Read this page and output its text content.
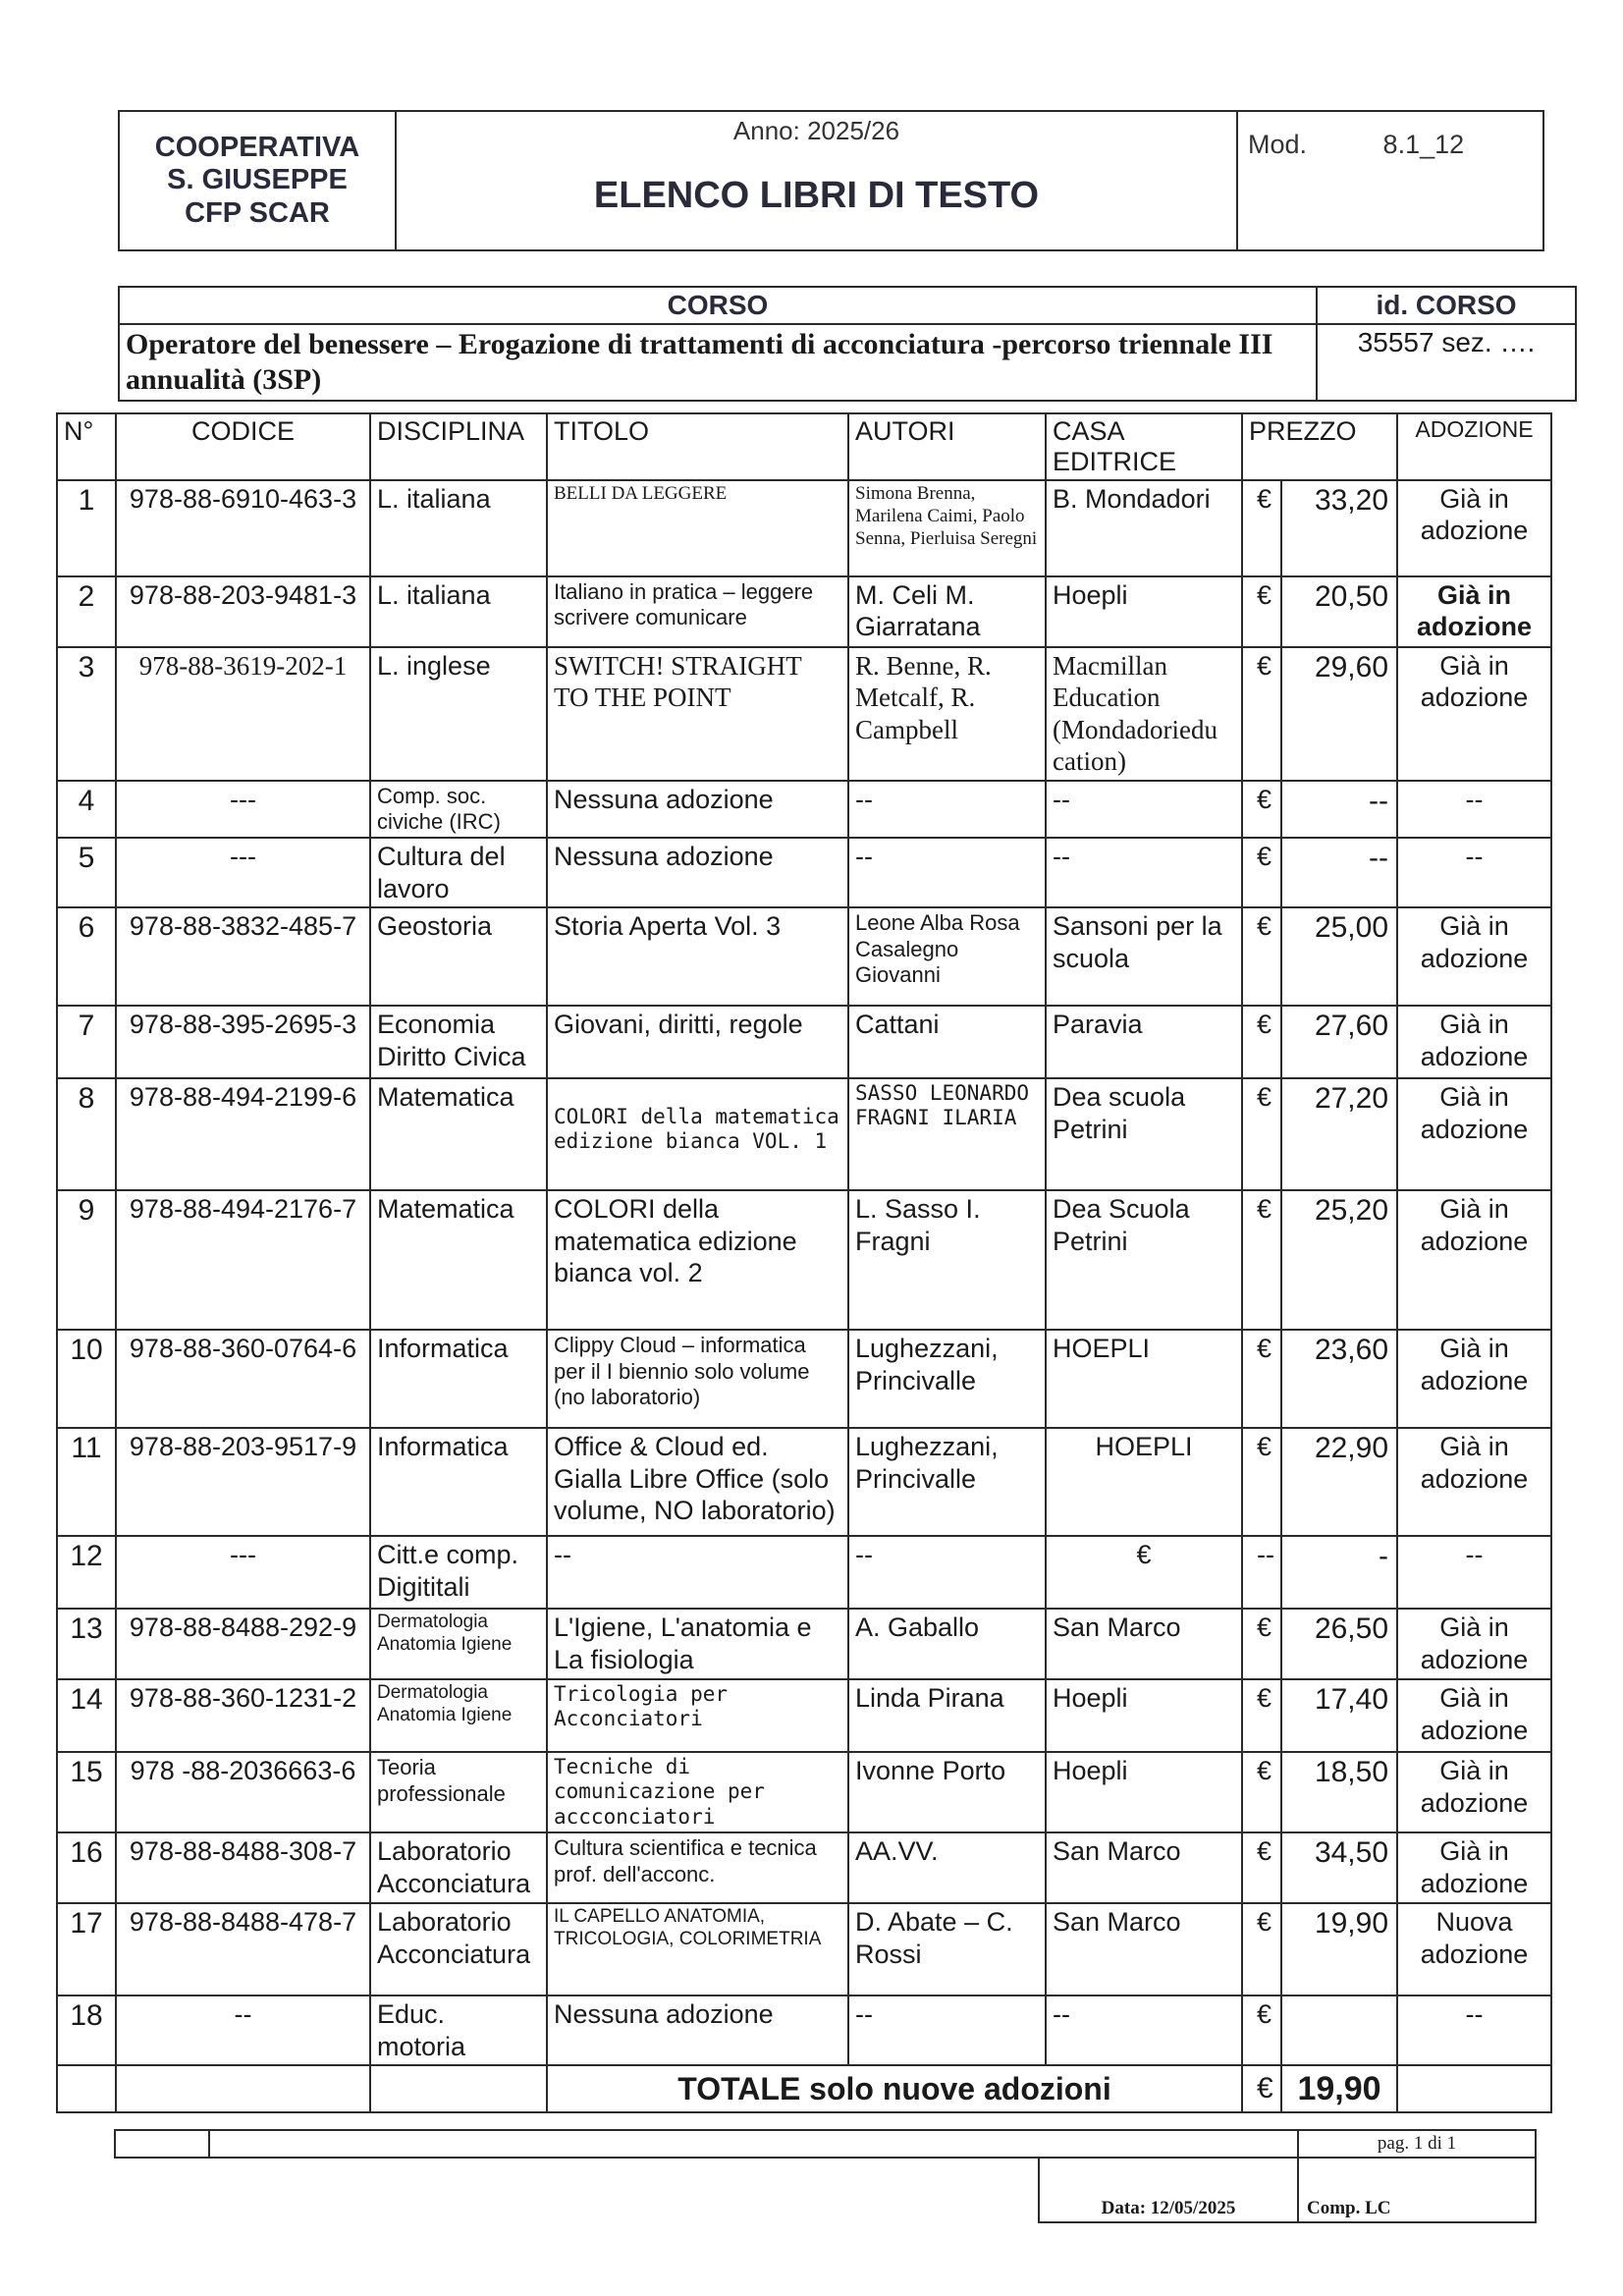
COOPERATIVA
S. GIUSEPPE
CFP SCAR

Anno: 2025/26
ELENCO LIBRI DI TESTO
	Mod.	8.1_12
CORSO	id. CORSO
Operatore del benessere – Erogazione di trattamenti di acconciatura -percorso triennale III annualità (3SP)	35557 sez. ….
N°	CODICE	DISCIPLINA	TITOLO	AUTORI	CASA EDITRICE	PREZZO		ADOZIONE
1	978-88-6910-463-3	L. italiana	BELLI DA LEGGERE	Simona Brenna, Marilena Caimi, Paolo Senna, Pierluisa Seregni	B. Mondadori	€	33,20	Già in adozione
2	978-88-203-9481-3	L. italiana	Italiano in pratica – leggere scrivere comunicare	M. Celi M. Giarratana	Hoepli	€	20,50	Già in adozione
3	978-88-3619-202-1	L. inglese	SWITCH! STRAIGHT TO THE POINT	R. Benne, R. Metcalf, R. Campbell	Macmillan Education (Mondadoriedu cation)	€	29,60	Già in adozione
4	---	Comp. soc. civiche (IRC)	Nessuna adozione	--	--	€	--	--
5	---	Cultura del lavoro	Nessuna adozione	--	--	€	--	--
6	978-88-3832-485-7	Geostoria	Storia Aperta Vol. 3	Leone Alba Rosa Casalegno Giovanni	Sansoni per la scuola	€	25,00	Già in adozione
7	978-88-395-2695-3	Economia Diritto Civica	Giovani, diritti, regole	Cattani	Paravia	€	27,60	Già in adozione
8	978-88-494-2199-6	Matematica	COLORI della matematica edizione bianca VOL. 1	SASSO LEONARDO FRAGNI ILARIA	Dea scuola Petrini	€	27,20	Già in adozione
9	978-88-494-2176-7	Matematica	COLORI della matematica edizione bianca vol. 2	L. Sasso I. Fragni	Dea Scuola Petrini	€	25,20	Già in adozione
10	978-88-360-0764-6	Informatica	Clippy Cloud – informatica per il I biennio solo volume (no laboratorio)	Lughezzani, Princivalle	HOEPLI	€	23,60	Già in adozione
11	978-88-203-9517-9	Informatica	Office & Cloud ed. Gialla Libre Office (solo volume, NO laboratorio)	Lughezzani, Princivalle	HOEPLI	€	22,90	Già in adozione
12	---	Citt.e comp. Digititali	--	--	€	--	-	--
13	978-88-8488-292-9	Dermatologia Anatomia Igiene	L'Igiene, L'anatomia e La fisiologia	A. Gaballo	San Marco	€	26,50	Già in adozione
14	978-88-360-1231-2	Dermatologia Anatomia Igiene	Tricologia per Acconciatori	Linda Pirana	Hoepli	€	17,40	Già in adozione
15	978 -88-2036663-6	Teoria professionale	Tecniche di comunicazione per accconciatori	Ivonne Porto	Hoepli	€	18,50	Già in adozione
16	978-88-8488-308-7	Laboratorio Acconciatura	Cultura scientifica e tecnica prof. dell'acconc.	AA.VV.	San Marco	€	34,50	Già in adozione
17	978-88-8488-478-7	Laboratorio Acconciatura	IL CAPELLO ANATOMIA, TRICOLOGIA, COLORIMETRIA	D. Abate – C. Rossi	San Marco	€	19,90	Nuova adozione
18	--	Educ. motoria	Nessuna adozione	--	--	€		--
			TOTALE solo nuove adozioni			€	19,90	
			pag. 1 di 1
		Data: 12/05/2025	Comp. LC
